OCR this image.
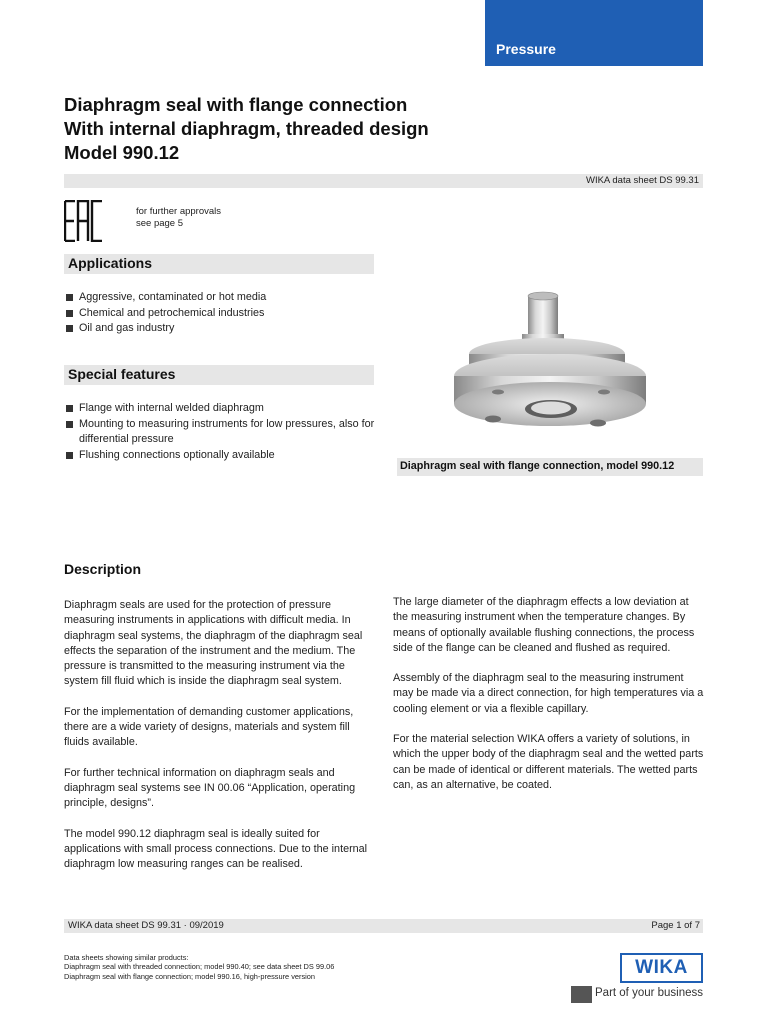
Pressure
Diaphragm seal with flange connection
With internal diaphragm, threaded design
Model 990.12
WIKA data sheet DS 99.31
for further approvals
see page 5
Applications
Aggressive, contaminated or hot media
Chemical and petrochemical industries
Oil and gas industry
Special features
Flange with internal welded diaphragm
Mounting to measuring instruments for low pressures, also for differential pressure
Flushing connections optionally available
Diaphragm seal with flange connection, model 990.12
Description

Diaphragm seals are used for the protection of pressure measuring instruments in applications with difficult media. In diaphragm seal systems, the diaphragm of the diaphragm seal effects the separation of the instrument and the medium. The pressure is transmitted to the measuring instrument via the system fill fluid which is inside the diaphragm seal system.

For the implementation of demanding customer applications, there are a wide variety of designs, materials and system fill fluids available.

For further technical information on diaphragm seals and diaphragm seal systems see IN 00.06 “Application, operating principle, designs”.

The model 990.12 diaphragm seal is ideally suited for applications with small process connections. Due to the internal diaphragm low measuring ranges can be realised.

The large diameter of the diaphragm effects a low deviation at the measuring instrument when the temperature changes. By means of optionally available flushing connections, the process side of the flange can be cleaned and flushed as required.

Assembly of the diaphragm seal to the measuring instrument may be made via a direct connection, for high temperatures via a cooling element or via a flexible capillary.

For the material selection WIKA offers a variety of solutions, in which the upper body of the diaphragm seal and the wetted parts can be made of identical or different materials. The wetted parts can, as an alternative, be coated.

WIKA data sheet DS 99.31 · 09/2019	Page 1 of 7
Data sheets showing similar products:
Diaphragm seal with threaded connection; model 990.40; see data sheet DS 99.06
Diaphragm seal with flange connection; model 990.16, high-pressure version	WIKA
Part of your business
